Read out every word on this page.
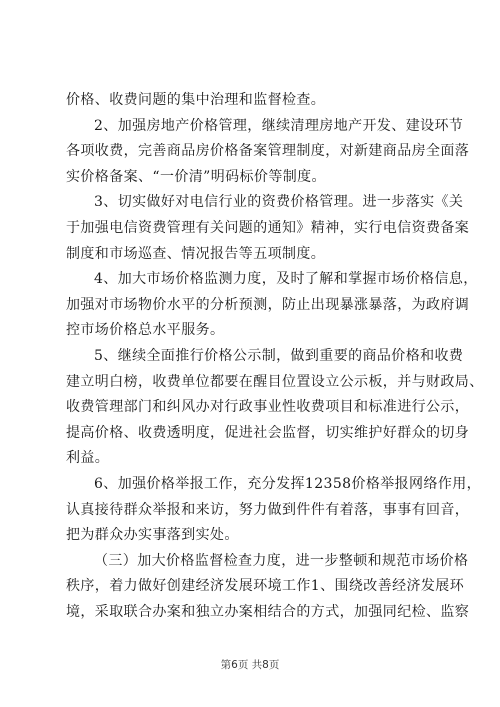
价格、收费问题的集中治理和监督检查。
2、加强房地产价格管理，继续清理房地产开发、建设环节
各项收费，完善商品房价格备案管理制度，对新建商品房全面落
实价格备案、“一价清”明码标价等制度。
3、切实做好对电信行业的资费价格管理。进一步落实《关
于加强电信资费管理有关问题的通知》精神，实行电信资费备案
制度和市场巡查、情况报告等五项制度。
4、加大市场价格监测力度，及时了解和掌握市场价格信息，
加强对市场物价水平的分析预测，防止出现暴涨暴落，为政府调
控市场价格总水平服务。
5、继续全面推行价格公示制，做到重要的商品价格和收费
建立明白榜，收费单位都要在醒目位置设立公示板，并与财政局、
收费管理部门和纠风办对行政事业性收费项目和标准进行公示，
提高价格、收费透明度，促进社会监督，切实维护好群众的切身
利益。
6、加强价格举报工作，充分发挥12358价格举报网络作用，
认真接待群众举报和来访，努力做到件件有着落，事事有回音，
把为群众办实事落到实处。
（三）加大价格监督检查力度，进一步整顿和规范市场价格
秩序，着力做好创建经济发展环境工作1、围绕改善经济发展环
境，采取联合办案和独立办案相结合的方式，加强同纪检、监察
第6页 共8页
